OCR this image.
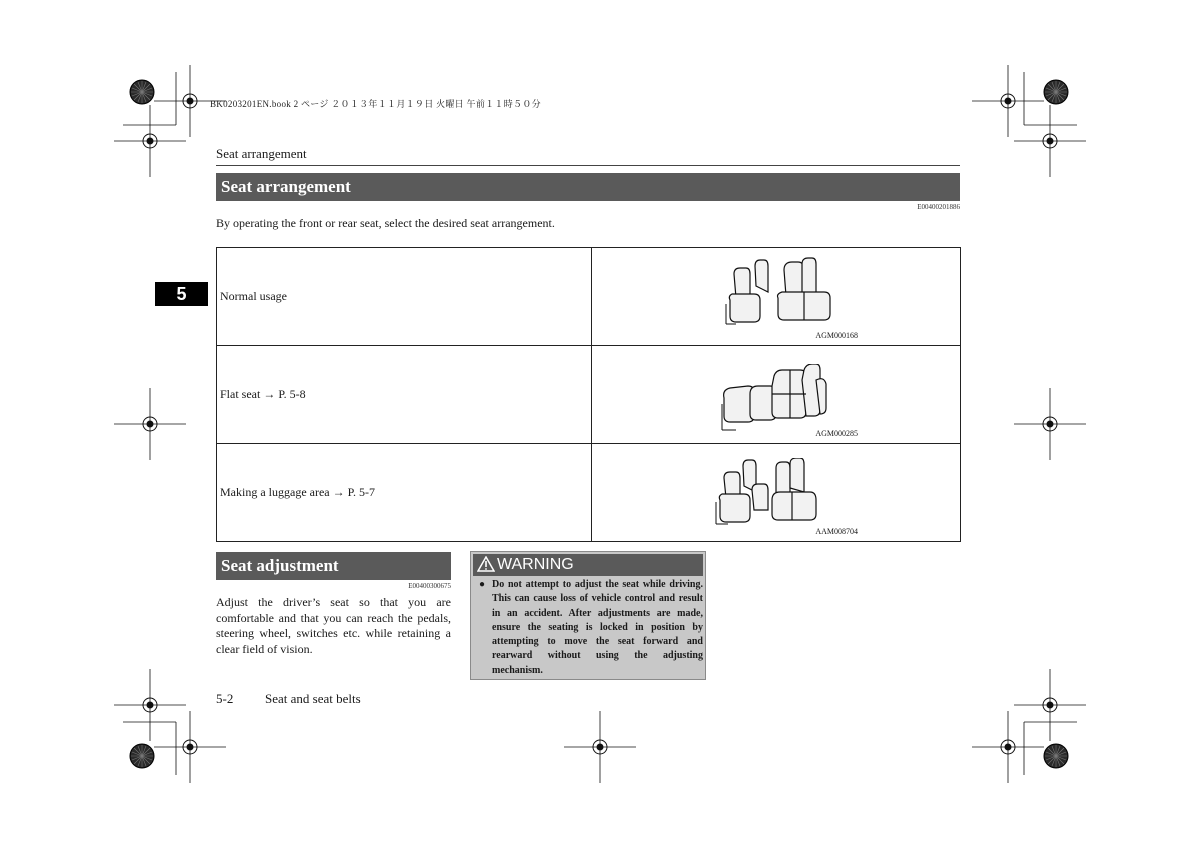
BK0203201EN.book 2 ページ ２０１３年１１月１９日 火曜日 午前１１時５０分
Seat arrangement
Seat arrangement
E00400201886
By operating the front or rear seat, select the desired seat arrangement.
5	Normal usage	AGM000168

Flat seat → P. 5-8	AGM000285

Making a luggage area → P. 5-7	AAM008704
Seat adjustment
E00400300675
Adjust the driver’s seat so that you are comfortable and that you can reach the pedals, steering wheel, switches etc. while retaining a clear field of vision.
WARNING
● Do not attempt to adjust the seat while driving. This can cause loss of vehicle control and result in an accident. After adjustments are made, ensure the seating is locked in position by attempting to move the seat forward and rearward without using the adjusting mechanism.
5-2 Seat and seat belts
